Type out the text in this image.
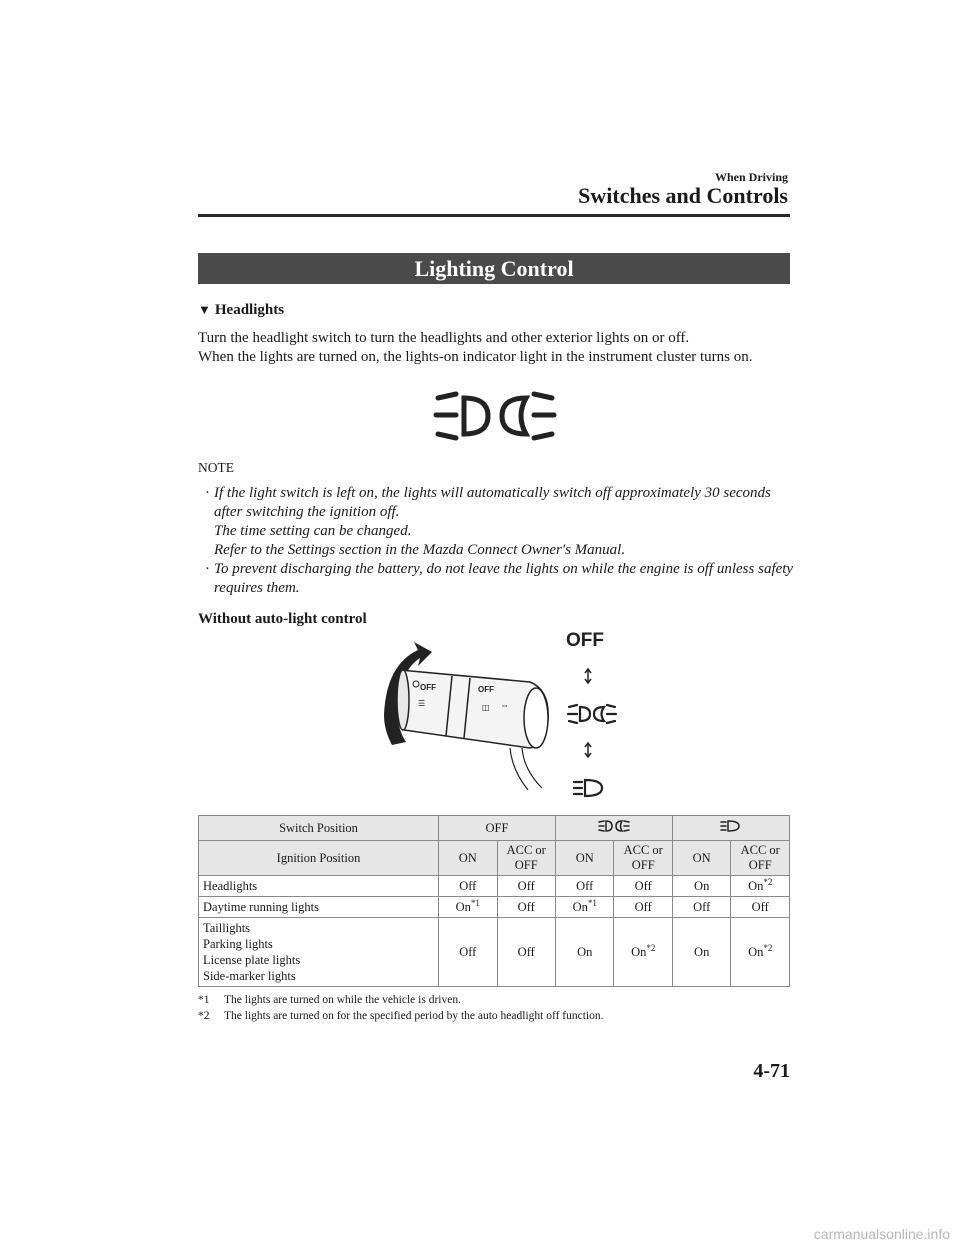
When Driving
Switches and Controls
Lighting Control
▼ Headlights
Turn the headlight switch to turn the headlights and other exterior lights on or off.
When the lights are turned on, the lights-on indicator light in the instrument cluster turns on.
NOTE
· If the light switch is left on, the lights will automatically switch off approximately 30 seconds after switching the ignition off.
The time setting can be changed.
Refer to the Settings section in the Mazda Connect Owner's Manual.
· To prevent discharging the battery, do not leave the lights on while the engine is off unless safety requires them.
Without auto-light control
OFF	OFF
☰	◫ ⇔
OFF
Switch Position	OFF		
Ignition Position	ON	ACC or OFF	ON	ACC or OFF	ON	ACC or OFF
Headlights	Off	Off	Off	Off	On	On$^{*2}$
Daytime running lights	On$^{*1}$	Off	On$^{*1}$	Off	Off	Off
Taillights
Parking lights
License plate lights
Side-marker lights	Off	Off	On	On$^{*2}$	On	On$^{*2}$
*1	The lights are turned on while the vehicle is driven.
*2	The lights are turned on for the specified period by the auto headlight off function.
4-71
carmanualsonline.info
